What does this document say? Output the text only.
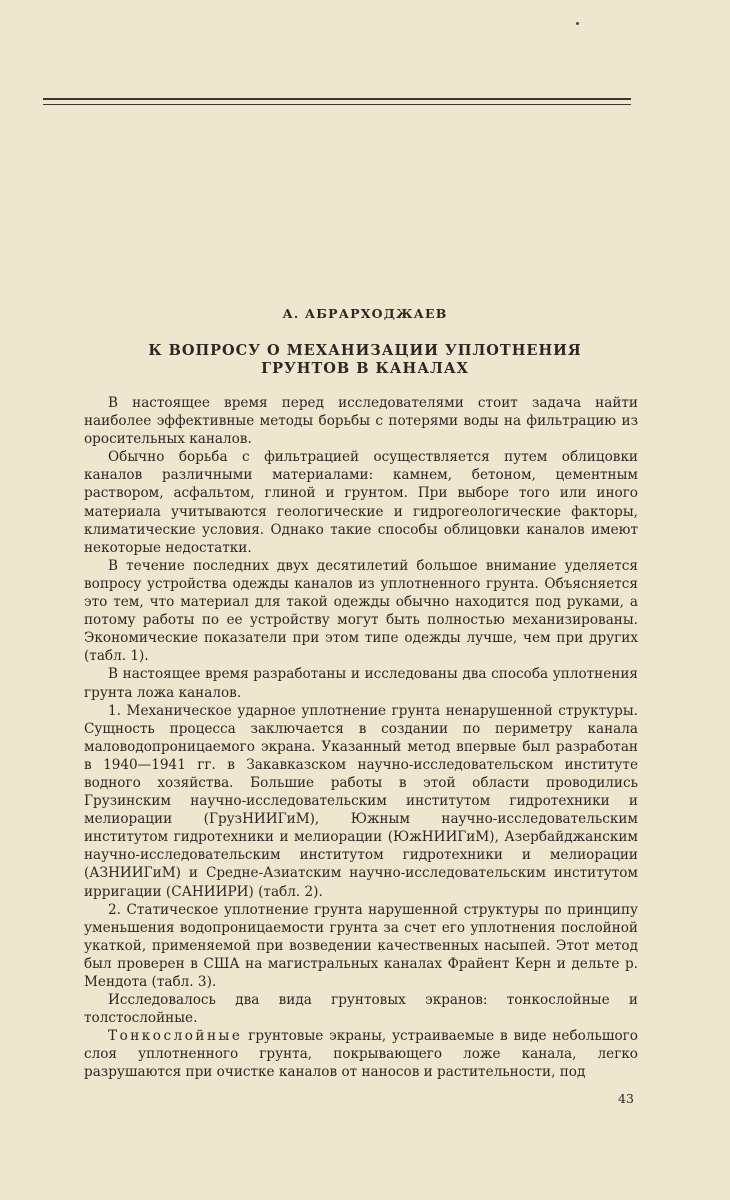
А. АБРАРХОДЖАЕВ
К ВОПРОСУ О МЕХАНИЗАЦИИ УПЛОТНЕНИЯ
ГРУНТОВ В КАНАЛАХ

В настоящее время перед исследователями стоит задача найти наиболее эффективные методы борьбы с потерями воды на фильтрацию из оросительных каналов.

Обычно борьба с фильтрацией осуществляется путем облицовки каналов различными материалами: камнем, бетоном, цементным раствором, асфальтом, глиной и грунтом. При выборе того или иного материала учитываются геологические и гидрогеологические факторы, климатические условия. Однако такие способы облицовки каналов имеют некоторые недостатки.

В течение последних двух десятилетий большое внимание уделяется вопросу устройства одежды каналов из уплотненного грунта. Объясняется это тем, что материал для такой одежды обычно находится под руками, а потому работы по ее устройству могут быть полностью механизированы. Экономические показатели при этом типе одежды лучше, чем при других (табл. 1).

В настоящее время разработаны и исследованы два способа уплотнения грунта ложа каналов.

1. Механическое ударное уплотнение грунта ненарушенной структуры. Сущность процесса заключается в создании по периметру канала маловодопроницаемого экрана. Указанный метод впервые был разработан в 1940—1941 гг. в Закавказском научно-исследовательском институте водного хозяйства. Большие работы в этой области проводились Грузинским научно-исследовательским институтом гидротехники и мелиорации (ГрузНИИГиМ), Южным научно-исследовательским институтом гидротехники и мелиорации (ЮжНИИГиМ), Азербайджанским научно-исследовательским институтом гидротехники и мелиорации (АЗНИИГиМ) и Средне-Азиатским научно-исследовательским институтом ирригации (САНИИРИ) (табл. 2).

2. Статическое уплотнение грунта нарушенной структуры по принципу уменьшения водопроницаемости грунта за счет его уплотнения послойной укаткой, применяемой при возведении качественных насыпей. Этот метод был проверен в США на магистральных каналах Фрайент Керн и дельте р. Мендота (табл. 3).

Исследовалось два вида грунтовых экранов: тонкослойные и толстослойные.

Тонкослойные грунтовые экраны, устраиваемые в виде небольшого слоя уплотненного грунта, покрывающего ложе канала, легко разрушаются при очистке каналов от наносов и растительности, под

43
